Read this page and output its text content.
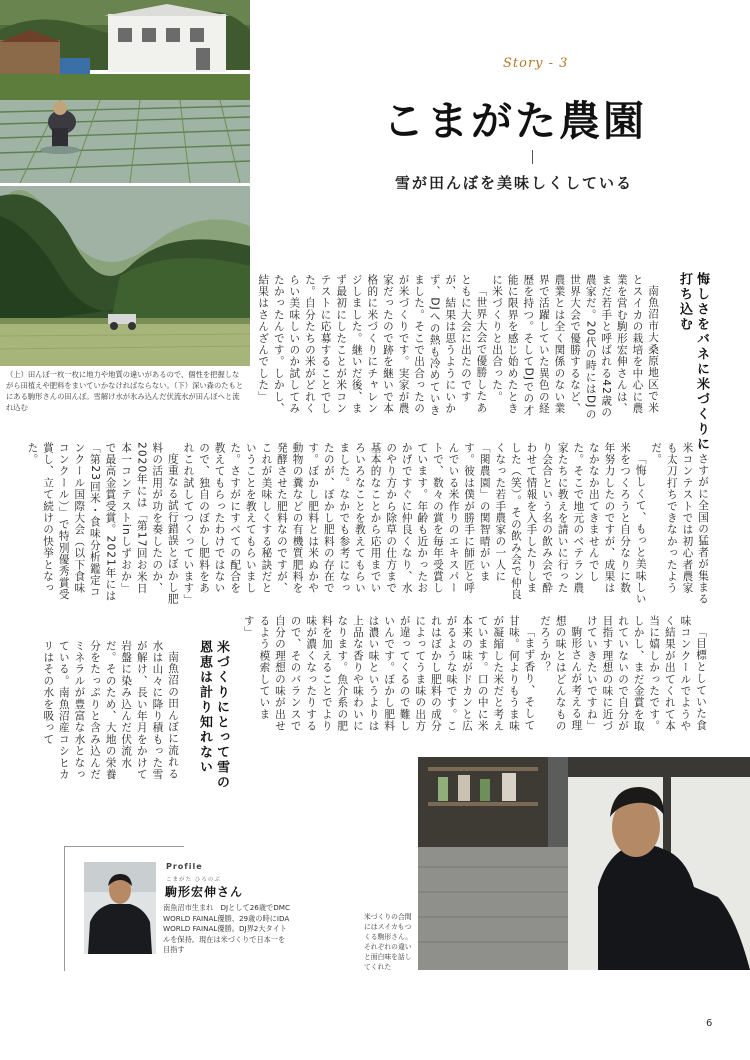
（上）田んぼ一枚一枚に地力や地質の違いがあるので、個性を把握しながら田植えや肥料をまいていかなければならない。（下）深い森のたもとにある駒形さんの田んぼ。雪解け水が氷み込んだ伏流水が田んぼへと流れ込む
Story - 3
こまがた農園
雪が田んぼを美味しくしている
悔しさをバネに米づくりに打ち込む

南魚沼市大桑原地区で米とスイカの栽培を中心に農業を営む駒形宏伸さんは、まだ若手と呼ばれる42歳の農家だ。20代の時にはDJの世界大会で優勝するなど、農業とは全く関係のない業界で活躍していた異色の経歴を持つ。そしてDJでの才能に限界を感じ始めたときに米づくりと出合った。

「世界大会で優勝したあともに大会に出たのですが、結果は思うようにいかず、DJへの熱も冷めていきました。そこで出合ったのが米づくりです。実家が農家だったので跡を継いで本格的に米づくりにチャレンジしました。継いだ後、まず最初にしたことが米コンテストに応募することでした。自分たちの米がどれくらい美味しいのか試してみたかったんです。しかし、結果はさんざんでした」

「目標としていた食味コンクールでようやく結果が出てくれて本当に嬉しかったです。しかし、まだ金賞を取れていないので自分が目指す理想の味に近づけていきたいですね」

駒形さんが考える理想の味とはどんなものだろうか？

「まず香り、そして甘味。何よりもうま味が凝縮した米だと考えています。口の中に米本来の味がドカンと広がるような味です。これはぼかし肥料の成分によってうま味の出方が違ってくるので難しいんです。ぼかし肥料は濃い味というよりは上品な香りや味わいになります。魚介系の肥料を加えることでより味が濃くなったりするので、そのバランスで自分の理想の味が出せるよう模索しています」

さすがに全国の猛者が集まる米コンテストでは初心者農家も太刀打ちできなかったようだ。

「悔しくて、もっと美味しい米をつくろうと自分なりに数年努力したのですが、成果はなかなか出てきませんでした。そこで地元のベテラン農家たちに教えを請いに行ったり会合という名の飲み会で酔わせて情報を入手したりしました（笑）。その飲み会で仲良くなった若手農家の一人に「関農園」の関智晴がいます。彼は僕が勝手に師匠と呼んでいる米作りのエキスパートで、数々の賞を毎年受賞しています。年齢も近かったおかげですぐに仲良くなり、水のやり方から除草の仕方まで基本的なことから応用までいろいろなことを教えてもらいました。なかでも参考になったのが、ぼかし肥料の存在です。ぼかし肥料とは米ぬかや動物の糞などの有機質肥料を発酵させた肥料なのですが、これが美味しくする秘訣だということを教えてもらいました。さすがにすべての配合を教えてもらったわけではないので、独自のぼかし肥料をあれこれ試してつくっています」

度重なる試行錯誤とぼかし肥料の活用が功を奏したのか、2020年には「第17回お米日本一コンテストinしずおか」で最高金賞受賞。2021年には「第23回米・食味分析鑑定コンクール国際大会（以下食味コンクール）」で特別優秀賞受賞し、立て続けの快挙となった。

米づくりにとって雪の恩恵は計り知れない

南魚沼の田んぼに流れる水は山々に降り積もった雪が解け、長い年月をかけて岩盤に染み込んだ伏流水だ。そのため、大地の栄養分をたっぷりと含み込んだミネラルが豊富な水となっている。南魚沼産コシヒカリはその水を吸って

米づくりの合間にはスイカもつくる駒形さん。それぞれの違いと面白味を話してくれた
Profile
こまがた ひろのぶ
駒形宏伸さん
南魚沼市生まれ　DJとして26歳でDMC WORLD FAINAL優勝、29歳の時にIDA WORLD FAINAL優勝。DJ界2大タイトルを保持。現在は米づくりで日本一を目指す
6
